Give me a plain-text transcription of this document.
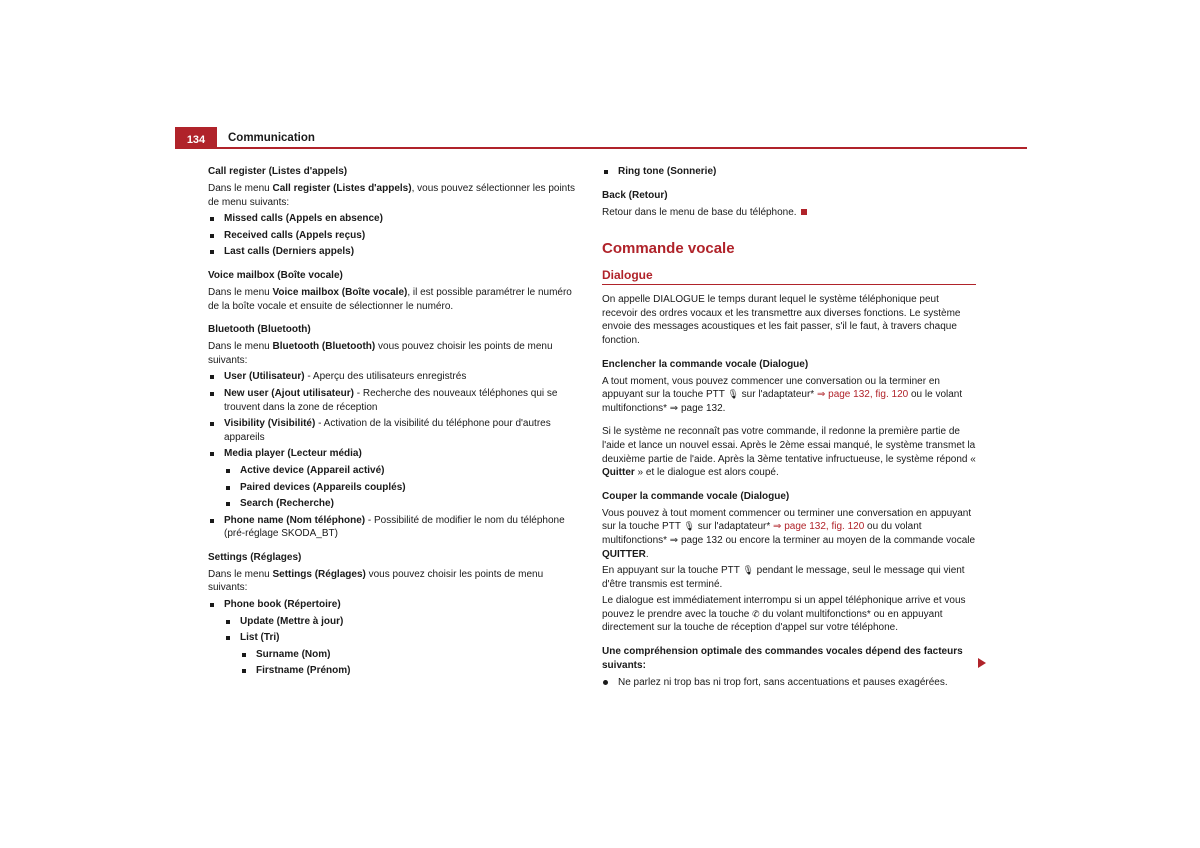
134	Communication
Call register (Listes d'appels)

Dans le menu Call register (Listes d'appels), vous pouvez sélectionner les points de menu suivants:

Missed calls (Appels en absence)
Received calls (Appels reçus)
Last calls (Derniers appels)
Voice mailbox (Boîte vocale)

Dans le menu Voice mailbox (Boîte vocale), il est possible paramétrer le numéro de la boîte vocale et ensuite de sélectionner le numéro.

Bluetooth (Bluetooth)

Dans le menu Bluetooth (Bluetooth) vous pouvez choisir les points de menu suivants:

User (Utilisateur) - Aperçu des utilisateurs enregistrés
New user (Ajout utilisateur) - Recherche des nouveaux téléphones qui se trouvent dans la zone de réception
Visibility (Visibilité) - Activation de la visibilité du téléphone pour d'autres appareils
Media player (Lecteur média)
Active device (Appareil activé)
Paired devices (Appareils couplés)
Search (Recherche)
Phone name (Nom téléphone) - Possibilité de modifier le nom du téléphone (pré-réglage SKODA_BT)
Settings (Réglages)

Dans le menu Settings (Réglages) vous pouvez choisir les points de menu suivants:

Phone book (Répertoire)
Update (Mettre à jour)
List (Tri)
Surname (Nom)
Firstname (Prénom)
Ring tone (Sonnerie)
Back (Retour)

Retour dans le menu de base du téléphone.

Commande vocale
Dialogue

On appelle DIALOGUE le temps durant lequel le système téléphonique peut recevoir des ordres vocaux et les transmettre aux diverses fonctions. Le système envoie des messages acoustiques et les fait passer, s'il le faut, à travers chaque fonction.

Enclencher la commande vocale (Dialogue)

A tout moment, vous pouvez commencer une conversation ou la terminer en appuyant sur la touche PTT 🎙 sur l'adaptateur* ⇒ page 132, fig. 120 ou le volant multifonctions* ⇒ page 132.

Si le système ne reconnaît pas votre commande, il redonne la première partie de l'aide et lance un nouvel essai. Après le 2ème essai manqué, le système transmet la deuxième partie de l'aide. Après la 3ème tentative infructueuse, le système répond « Quitter » et le dialogue est alors coupé.

Couper la commande vocale (Dialogue)

Vous pouvez à tout moment commencer ou terminer une conversation en appuyant sur la touche PTT 🎙 sur l'adaptateur* ⇒ page 132, fig. 120 ou du volant multifonctions* ⇒ page 132 ou encore la terminer au moyen de la commande vocale QUITTER.

En appuyant sur la touche PTT 🎙 pendant le message, seul le message qui vient d'être transmis est terminé.

Le dialogue est immédiatement interrompu si un appel téléphonique arrive et vous pouvez le prendre avec la touche ✆ du volant multifonctions* ou en appuyant directement sur la touche de réception d'appel sur votre téléphone.

Une compréhension optimale des commandes vocales dépend des facteurs suivants:
Ne parlez ni trop bas ni trop fort, sans accentuations et pauses exagérées.
